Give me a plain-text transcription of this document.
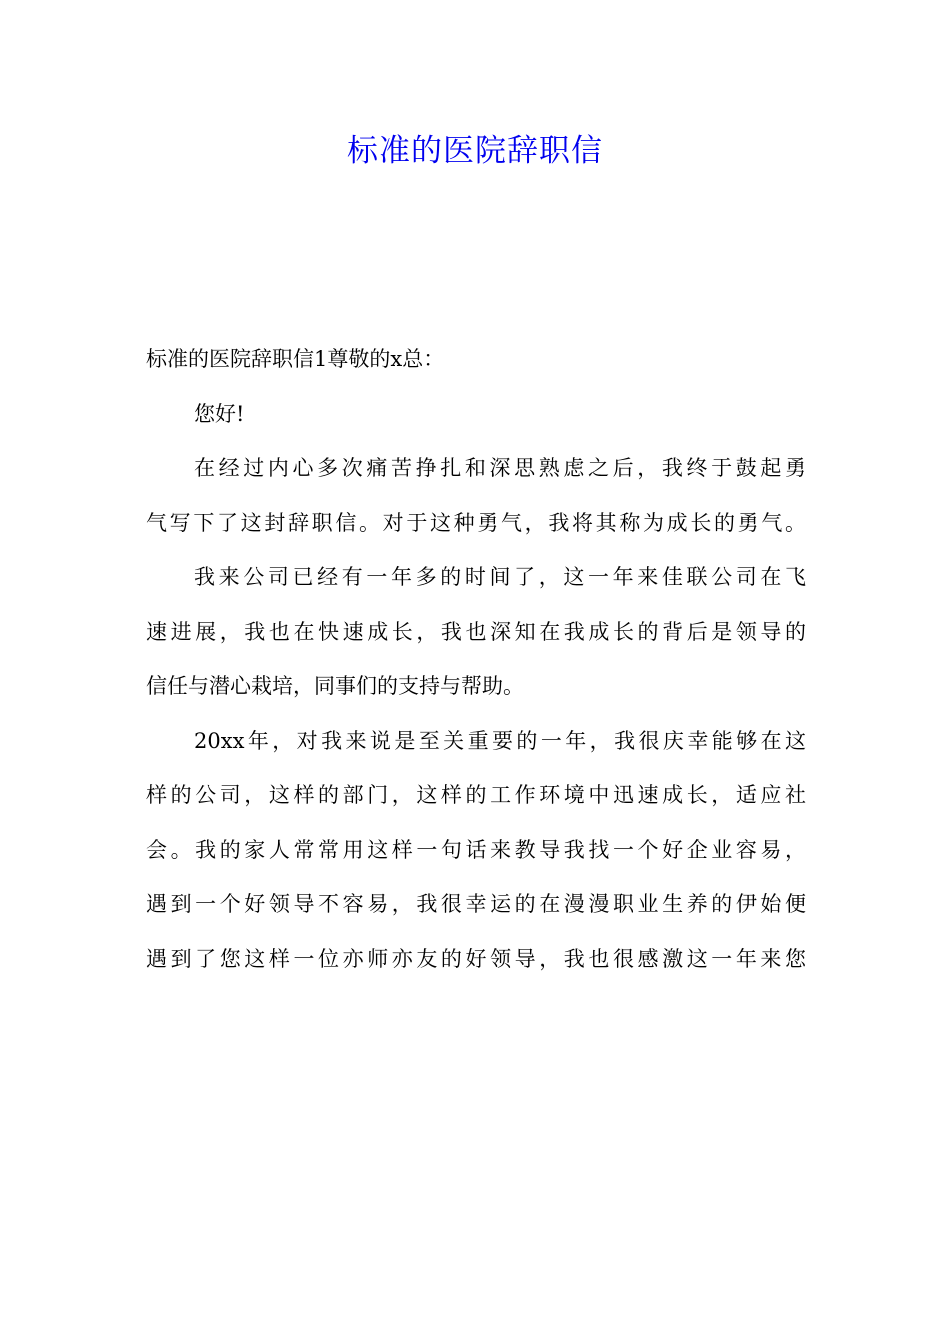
标准的医院辞职信
标准的医院辞职信1尊敬的x总：
您好!
在经过内心多次痛苦挣扎和深思熟虑之后，我终于鼓起勇
气写下了这封辞职信。对于这种勇气，我将其称为成长的勇气。
我来公司已经有一年多的时间了，这一年来佳联公司在飞
速进展，我也在快速成长，我也深知在我成长的背后是领导的
信任与潜心栽培，同事们的支持与帮助。
20xx年，对我来说是至关重要的一年，我很庆幸能够在这
样的公司，这样的部门，这样的工作环境中迅速成长，适应社
会。我的家人常常用这样一句话来教导我找一个好企业容易，
遇到一个好领导不容易，我很幸运的在漫漫职业生养的伊始便
遇到了您这样一位亦师亦友的好领导，我也很感激这一年来您
